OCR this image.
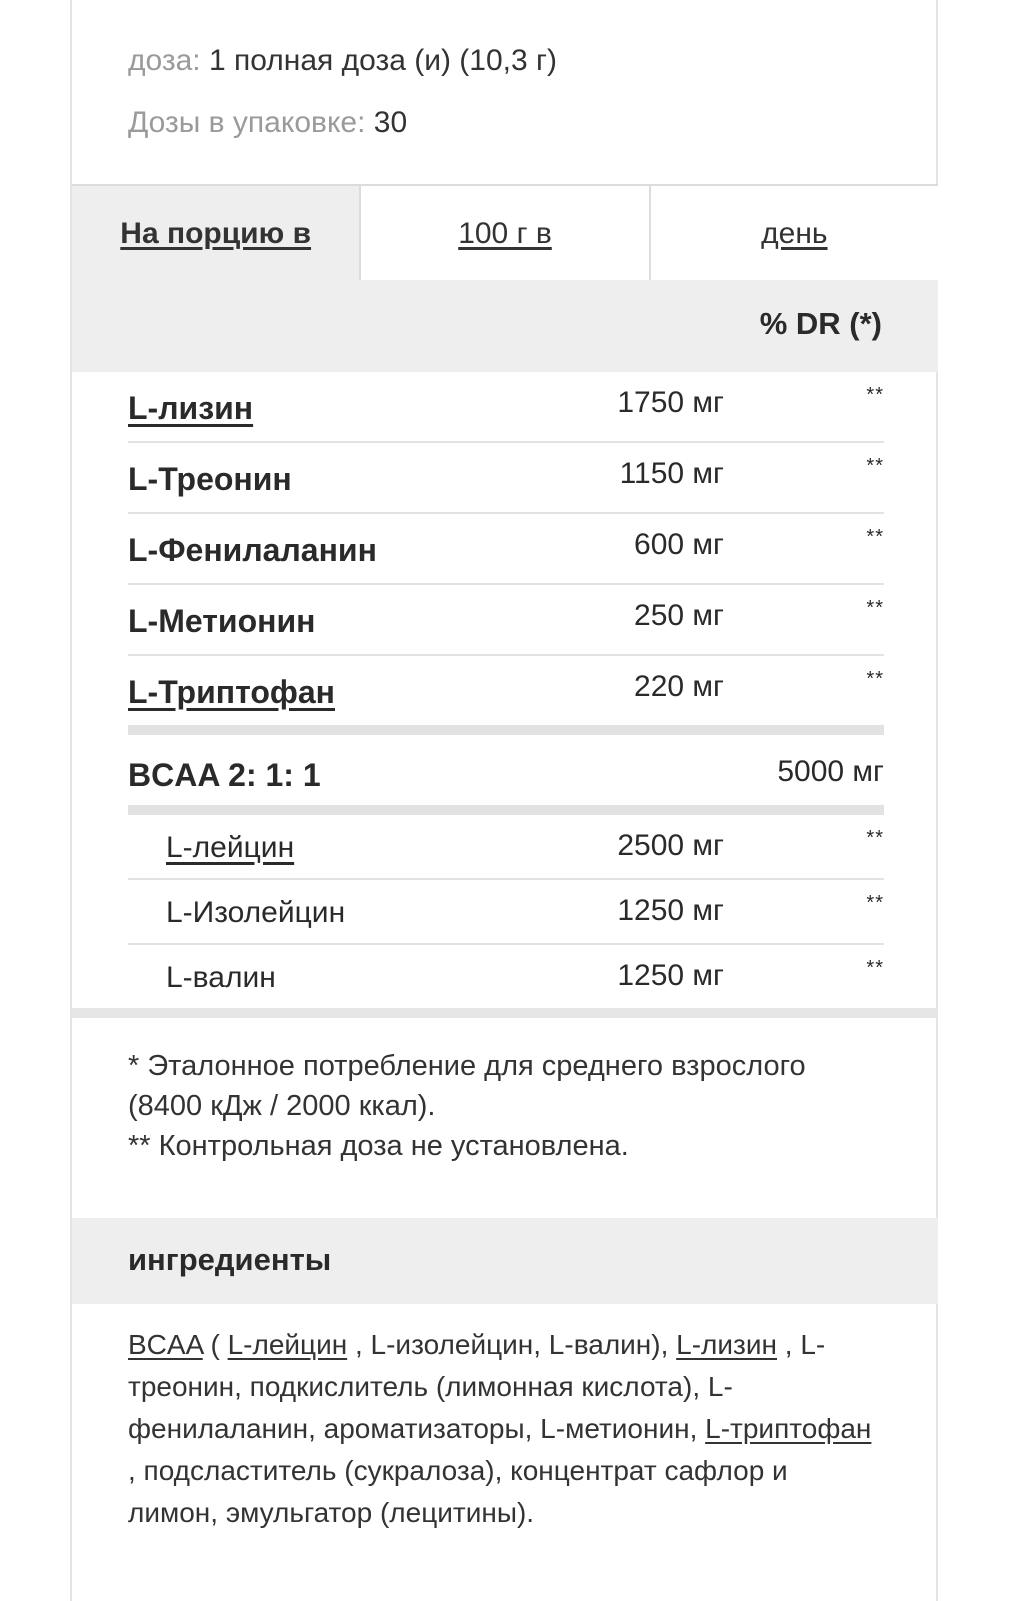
доза: 1 полная доза (и) (10,3 г)
Дозы в упаковке: 30
На порцию в	100 г в	день
% DR (*)
L-лизин	1750 мг	**
L-Треонин	1150 мг	**
L-Фенилаланин	600 мг	**
L-Метионин	250 мг	**
L-Триптофан	220 мг	**
BCAA 2: 1: 1	5000 мг
L-лейцин	2500 мг	**
L-Изолейцин	1250 мг	**
L-валин	1250 мг	**

* Эталонное потребление для среднего взрослого (8400 кДж / 2000 ккал).

** Контрольная доза не установлена.

ингредиенты
BCAA ( L-лейцин , L-изолейцин, L-валин), L-лизин , L-треонин, подкислитель (лимонная кислота), L-фенилаланин, ароматизаторы, L-метионин, L-триптофан , подсластитель (сукралоза), концентрат сафлор и лимон, эмульгатор (лецитины).
